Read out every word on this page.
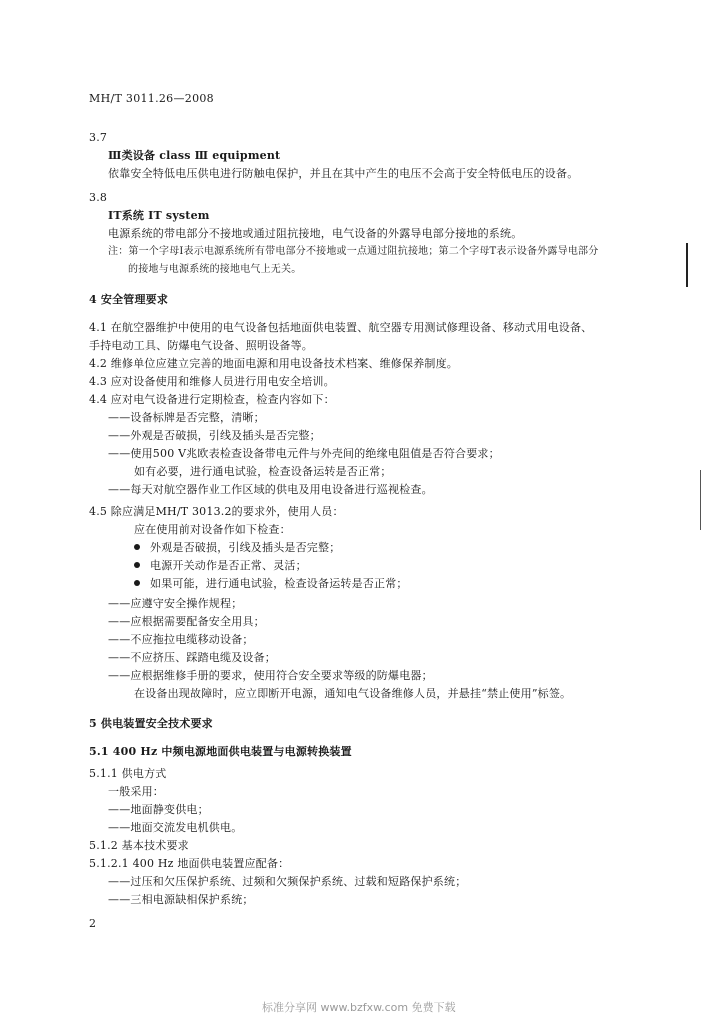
MH/T 3011.26—2008
3.7
Ⅲ类设备 class Ⅲ equipment
依靠安全特低电压供电进行防触电保护，并且在其中产生的电压不会高于安全特低电压的设备。
3.8
IT系统 IT system
电源系统的带电部分不接地或通过阻抗接地，电气设备的外露导电部分接地的系统。
注：第一个字母Ⅰ表示电源系统所有带电部分不接地或一点通过阻抗接地；第二个字母T表示设备外露导电部分
的接地与电源系统的接地电气上无关。
4 安全管理要求
4.1 在航空器维护中使用的电气设备包括地面供电装置、航空器专用测试修理设备、移动式用电设备、
手持电动工具、防爆电气设备、照明设备等。
4.2 维修单位应建立完善的地面电源和用电设备技术档案、维修保养制度。
4.3 应对设备使用和维修人员进行用电安全培训。
4.4 应对电气设备进行定期检查，检查内容如下：
——设备标牌是否完整，清晰；
——外观是否破损，引线及插头是否完整；
——使用500 V兆欧表检查设备带电元件与外壳间的绝缘电阻值是否符合要求；
如有必要，进行通电试验，检查设备运转是否正常；
——每天对航空器作业工作区域的供电及用电设备进行巡视检查。
4.5 除应满足MH/T 3013.2的要求外，使用人员：
应在使用前对设备作如下检查：
外观是否破损，引线及插头是否完整；
电源开关动作是否正常、灵活；
如果可能，进行通电试验，检查设备运转是否正常；
——应遵守安全操作规程；
——应根据需要配备安全用具；
——不应拖拉电缆移动设备；
——不应挤压、踩踏电缆及设备；
——应根据维修手册的要求，使用符合安全要求等级的防爆电器；
在设备出现故障时，应立即断开电源，通知电气设备维修人员，并悬挂“禁止使用”标签。
5 供电装置安全技术要求
5.1 400 Hz 中频电源地面供电装置与电源转换装置
5.1.1 供电方式
一般采用：
——地面静变供电；
——地面交流发电机供电。
5.1.2 基本技术要求
5.1.2.1 400 Hz 地面供电装置应配备：
——过压和欠压保护系统、过频和欠频保护系统、过载和短路保护系统；
——三相电源缺相保护系统；
2
标准分享网 www.bzfxw.com 免费下载
